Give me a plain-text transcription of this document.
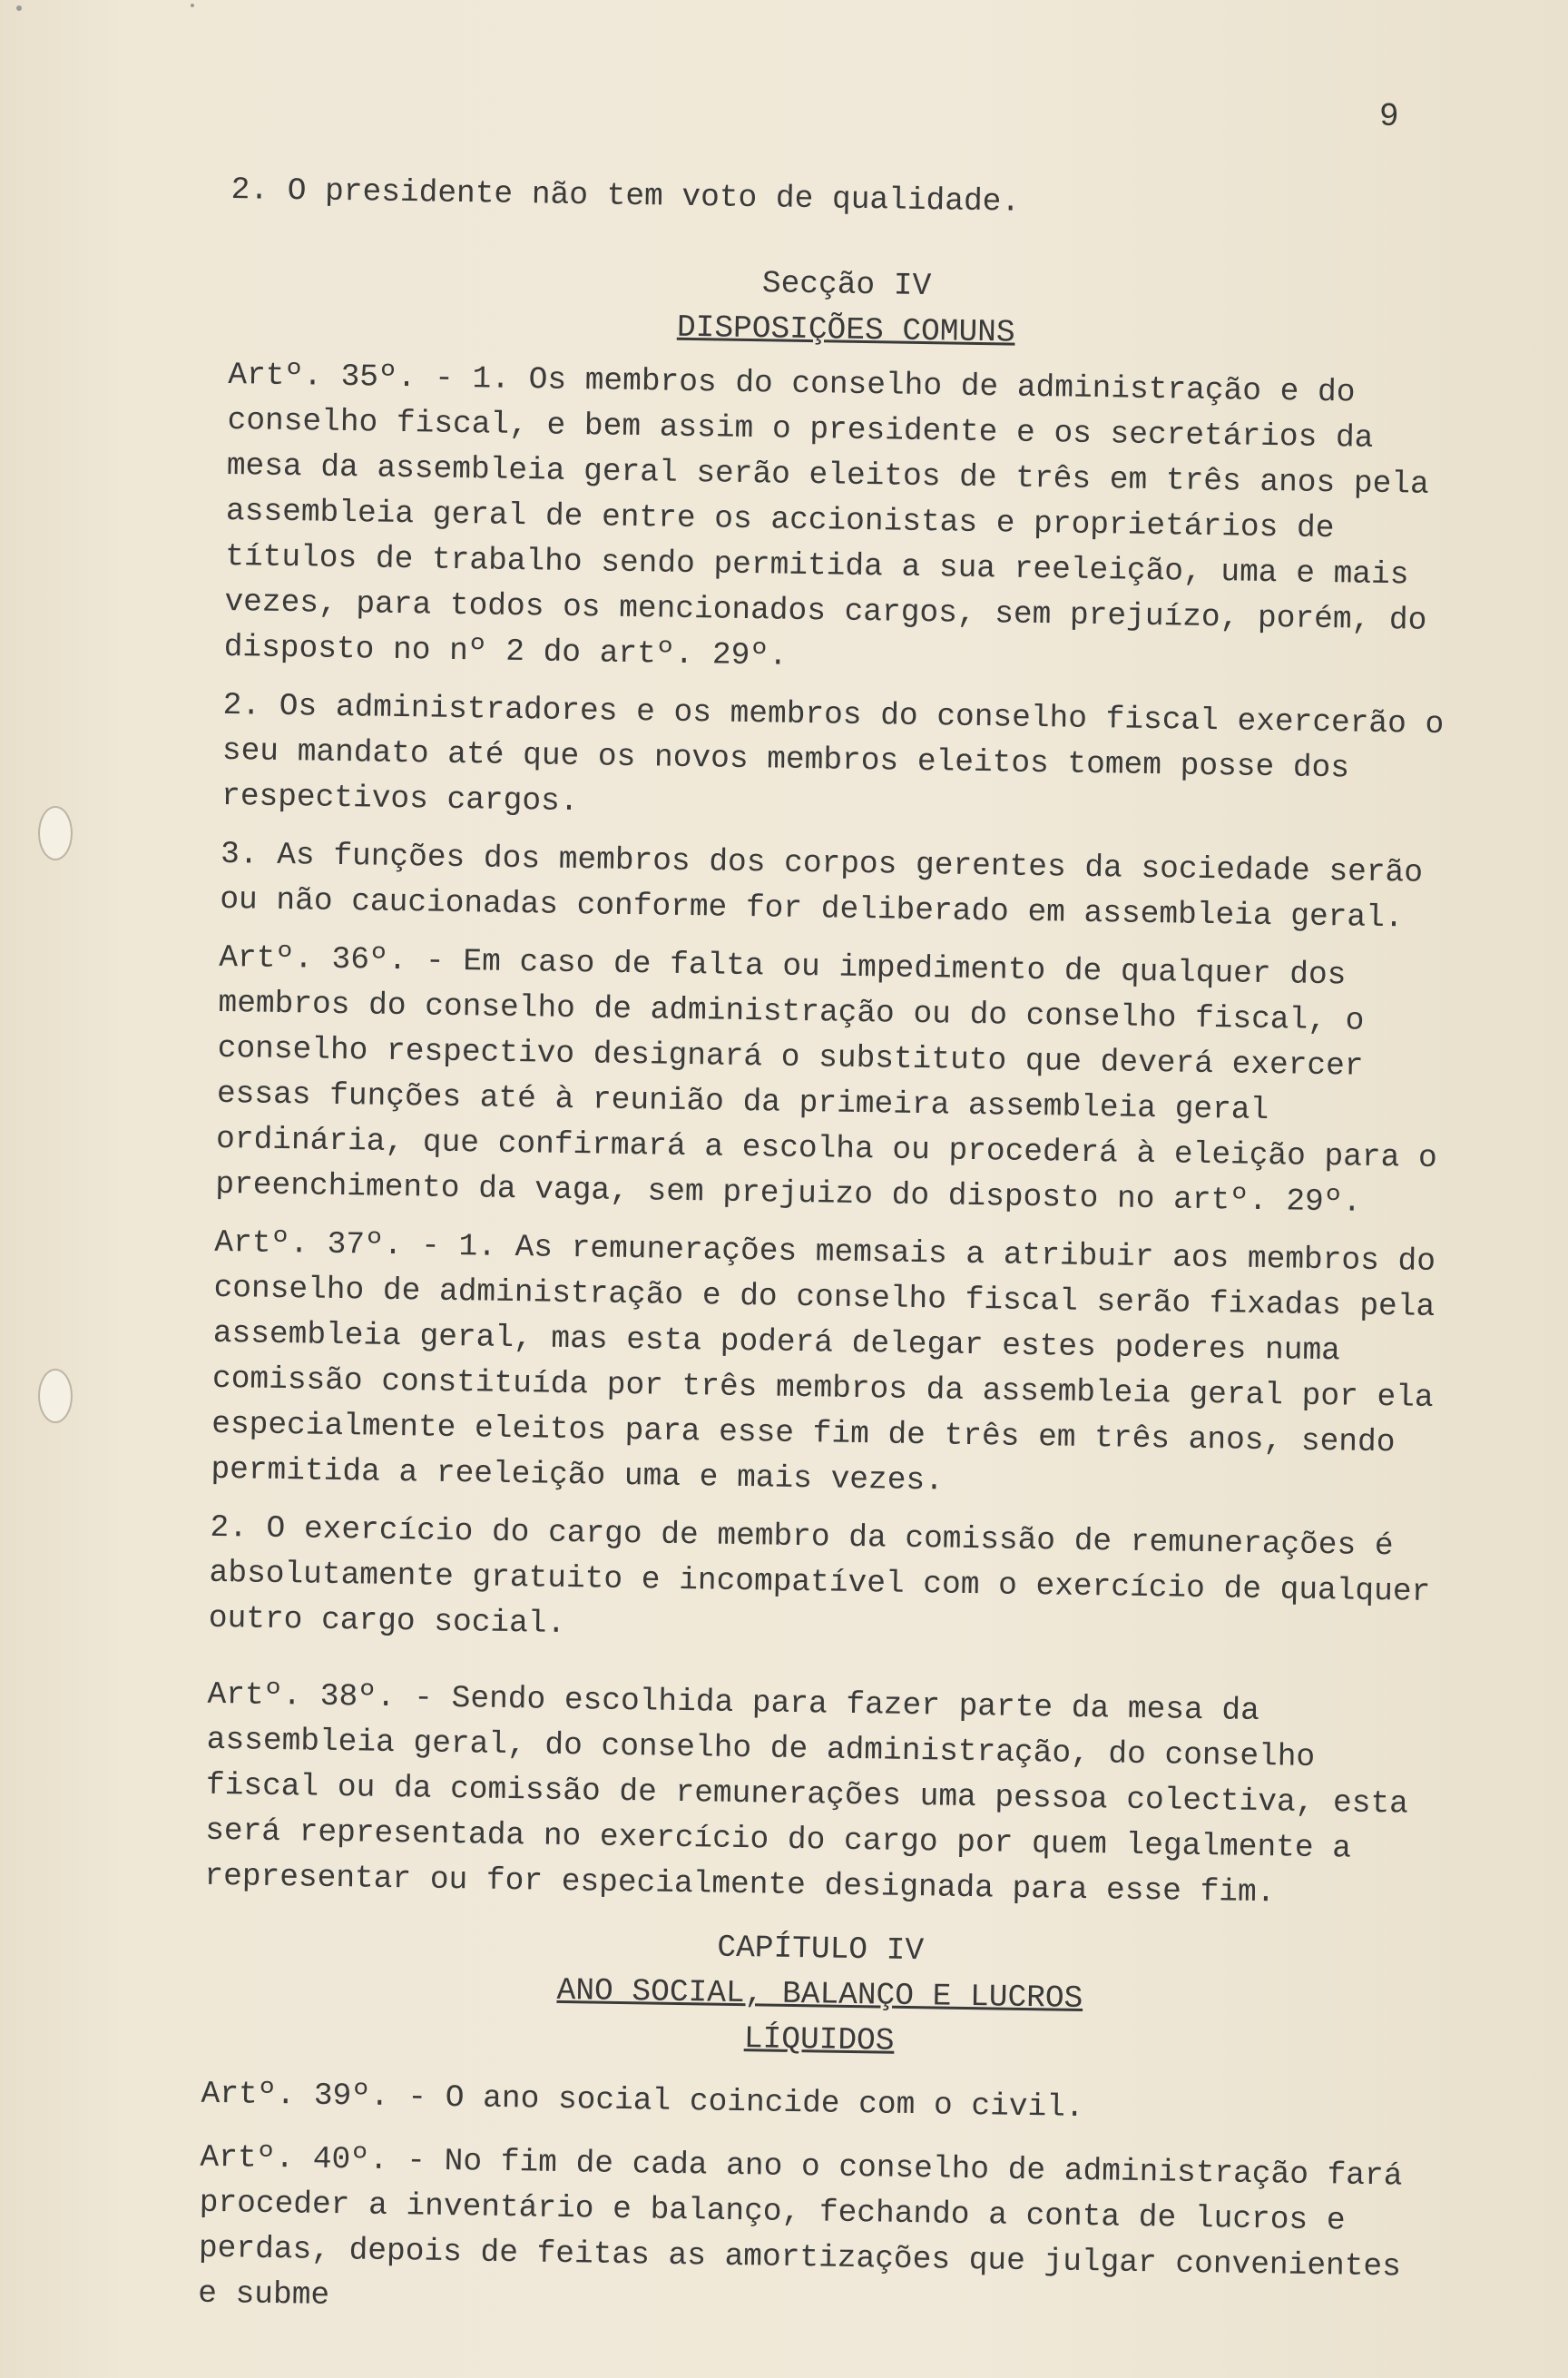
9

2. O presidente não tem voto de qualidade.

Secção IV

DISPOSIÇÕES COMUNS

Artº. 35º. - 1. Os membros do conselho de administração e do conselho fiscal, e bem assim o presidente e os secretários da mesa da assembleia geral serão eleitos de três em três anos pela assembleia geral de entre os accionistas e proprietários de títulos de trabalho sendo permitida a sua reeleição, uma e mais vezes, para todos os mencionados cargos, sem prejuízo, porém, do disposto no nº 2 do artº. 29º.

2. Os administradores e os membros do conselho fiscal exercerão o seu mandato até que os novos membros eleitos tomem posse dos respectivos cargos.

3. As funções dos membros dos corpos gerentes da sociedade serão ou não caucionadas conforme for deliberado em assembleia geral.

Artº. 36º. - Em caso de falta ou impedimento de qualquer dos membros do conselho de administração ou do conselho fiscal, o conselho respectivo designará o substituto que deverá exercer essas funções até à reunião da primeira assembleia geral ordinária, que confirmará a escolha ou procederá à eleição para o preenchimento da vaga, sem prejuizo do disposto no artº. 29º.

Artº. 37º. - 1. As remunerações memsais a atribuir aos membros do conselho de administração e do conselho fiscal serão fixadas pela assembleia geral, mas esta poderá delegar estes poderes numa comissão constituída por três membros da assembleia geral por ela especialmente eleitos para esse fim de três em três anos, sendo permitida a reeleição uma e mais vezes.

2. O exercício do cargo de membro da comissão de remunerações é absolutamente gratuito e incompatível com o exercício de qualquer outro cargo social.

Artº. 38º. - Sendo escolhida para fazer parte da mesa da assembleia geral, do conselho de administração, do conselho fiscal ou da comissão de remunerações uma pessoa colectiva, esta será representada no exercício do cargo por quem legalmente a representar ou for especialmente designada para esse fim.

CAPÍTULO IV

ANO SOCIAL, BALANÇO E LUCROS

LÍQUIDOS

Artº. 39º. - O ano social coincide com o civil.

Artº. 40º. - No fim de cada ano o conselho de administração fará proceder a inventário e balanço, fechando a conta de lucros e perdas, depois de feitas as amortizações que julgar convenientes e subme
